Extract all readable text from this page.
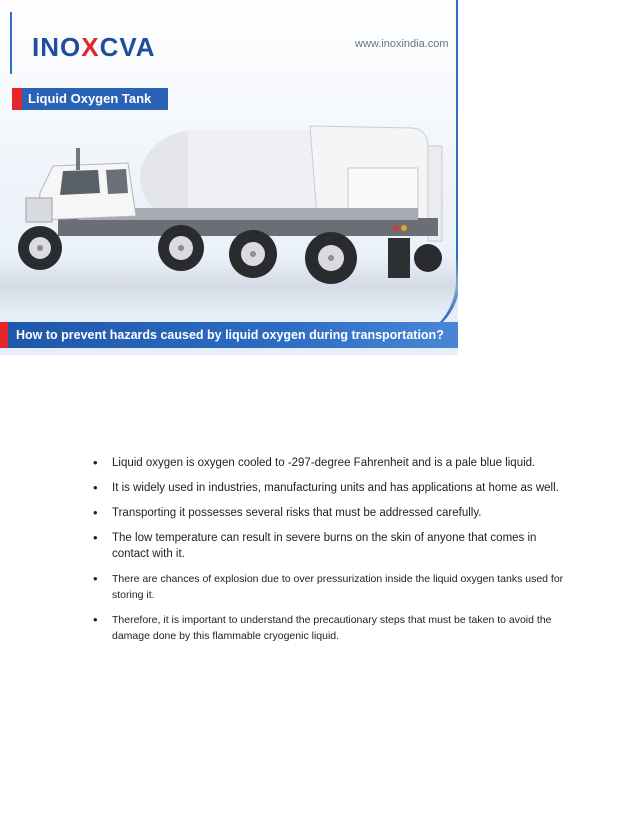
INOXCVA	www.inoxindia.com
Liquid Oxygen Tank
How to prevent hazards caused by liquid oxygen during transportation?
• Liquid oxygen is oxygen cooled to -297-degree Fahrenheit and is a pale blue liquid.
• It is widely used in industries, manufacturing units and has applications at home as well.
• Transporting it possesses several risks that must be addressed carefully.
• The low temperature can result in severe burns on the skin of anyone that comes in contact with it.
• There are chances of explosion due to over pressurization inside the liquid oxygen tanks used for storing it.
• Therefore, it is important to understand the precautionary steps that must be taken to avoid the damage done by this flammable cryogenic liquid.
